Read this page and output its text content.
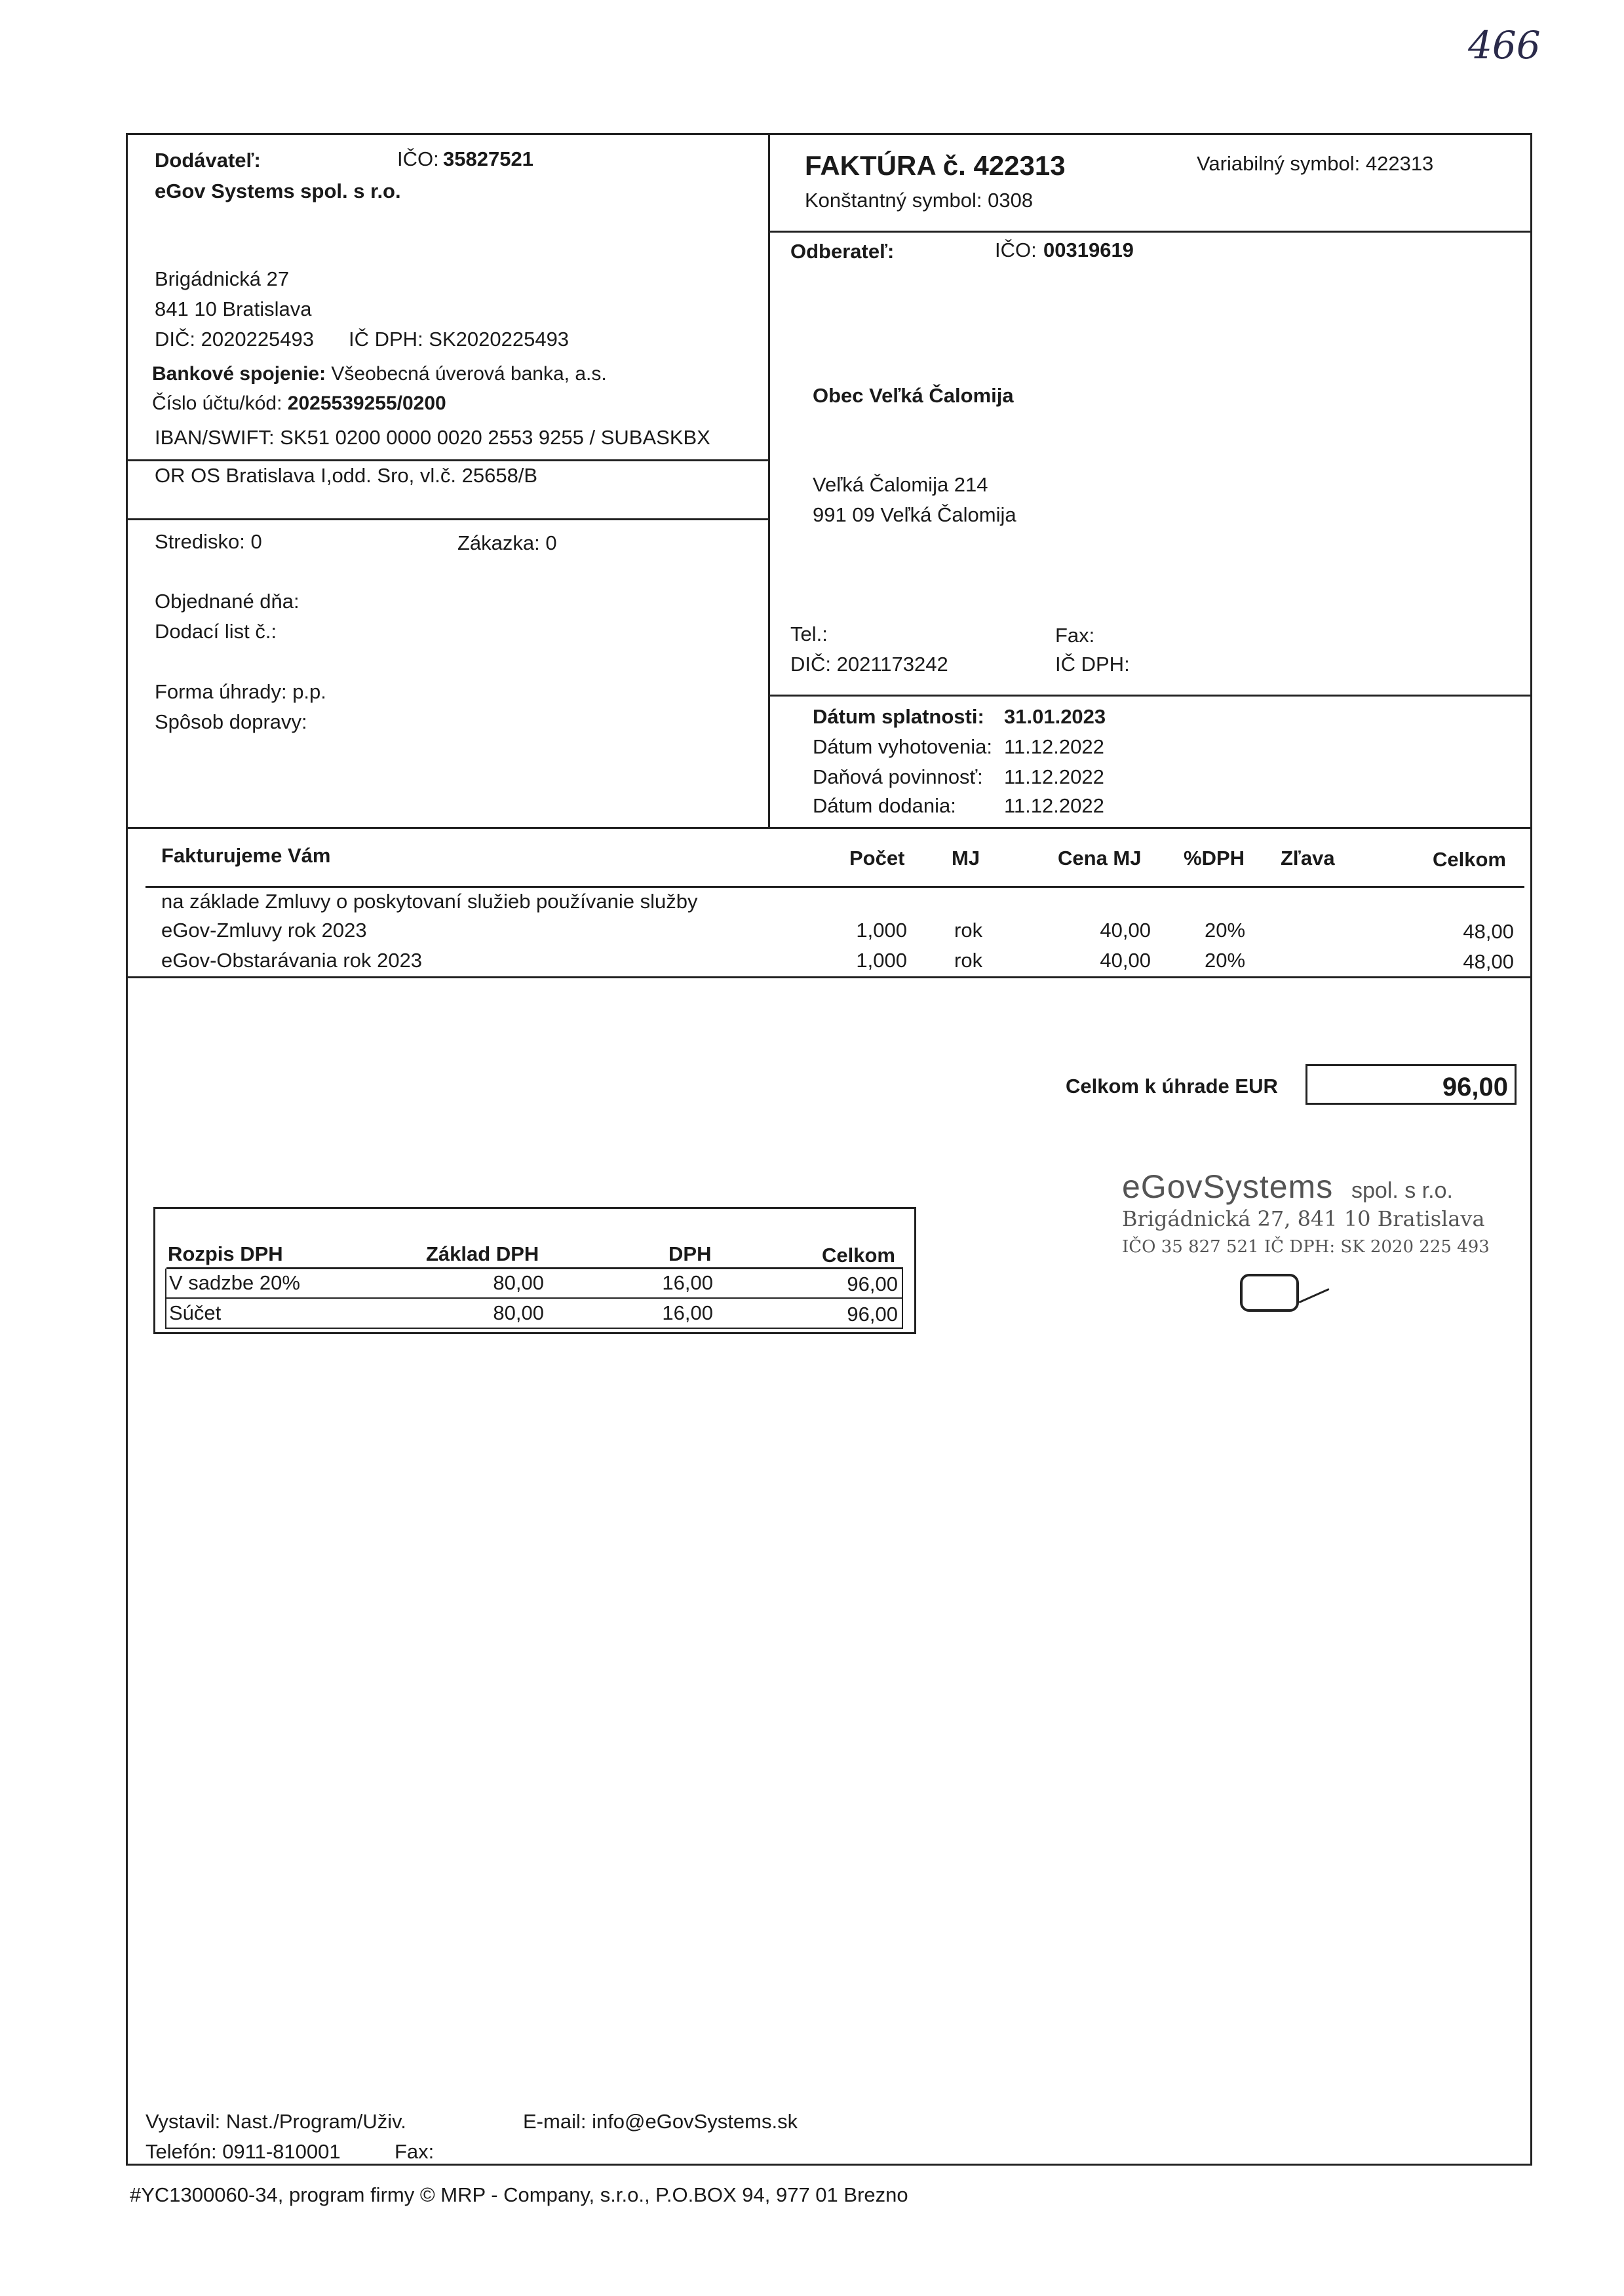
466
Dodávateľ:	IČO: 35827521
eGov Systems spol. s r.o.
Brigádnická 27
841 10 Bratislava
DIČ: 2020225493 IČ DPH: SK2020225493
Bankové spojenie: Všeobecná úverová banka, a.s.
Číslo účtu/kód: 2025539255/0200
IBAN/SWIFT: SK51 0200 0000 0020 2553 9255 / SUBASKBX
OR OS Bratislava I,odd. Sro, vl.č. 25658/B
Stredisko: 0	Zákazka: 0
Objednané dňa:
Dodací list č.:
Forma úhrady: p.p.
Spôsob dopravy:
FAKTÚRA č. 422313	Variabilný symbol: 422313
Konštantný symbol: 0308
Odberateľ:	IČO: 00319619
Obec Veľká Čalomija
Veľká Čalomija 214
991 09 Veľká Čalomija
Tel.:	Fax:
DIČ: 2021173242	IČ DPH:
Dátum splatnosti: 31.01.2023
Dátum vyhotovenia: 11.12.2022
Daňová povinnosť: 11.12.2022
Dátum dodania: 11.12.2022
Fakturujeme Vám	Počet MJ	Cena MJ %DPH Zľava	Celkom
na základe Zmluvy o poskytovaní služieb používanie služby
eGov-Zmluvy rok 2023	1,000 rok	40,00	20%	48,00
eGov-Obstarávania rok 2023	1,000 rok	40,00	20%	48,00
Celkom k úhrade EUR	96,00
Rozpis DPH	Základ DPH	DPH	Celkom
V sadzbe 20%	80,00	16,00	96,00
Súčet	80,00	16,00	96,00
eGovSystems spol. s r.o.
Brigádnická 27, 841 10 Bratislava
IČO 35 827 521 IČ DPH: SK 2020 225 493
Vystavil: Nast./Program/Uživ.	E-mail: info@eGovSystems.sk
Telefón: 0911-810001	Fax:
#YC1300060-34, program firmy © MRP - Company, s.r.o., P.O.BOX 94, 977 01 Brezno
